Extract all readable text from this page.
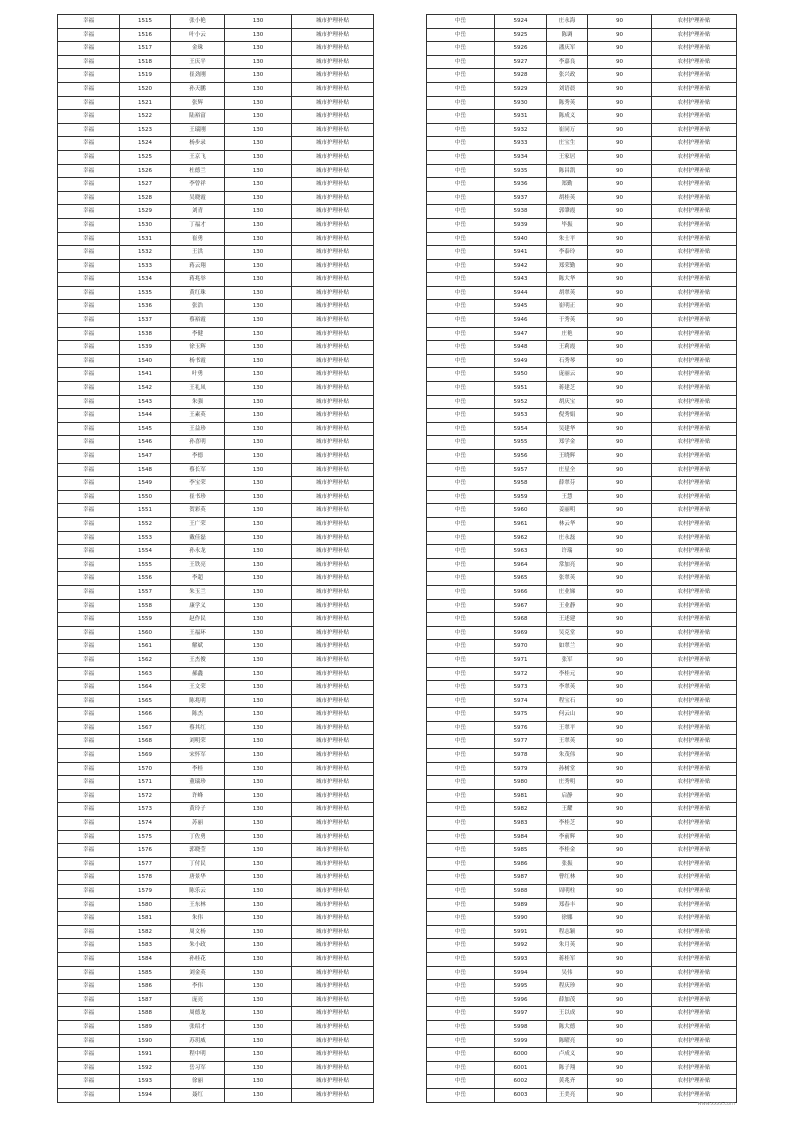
幸福	1515	张小艳	130	城市护理补贴
幸福	1516	叶小云	130	城市护理补贴
幸福	1517	金珠	130	城市护理补贴
幸福	1518	王庆平	130	城市护理补贴
幸福	1519	崔劲刚	130	城市护理补贴
幸福	1520	孙天鹏	130	城市护理补贴
幸福	1521	张辉	130	城市护理补贴
幸福	1522	陆裕富	130	城市护理补贴
幸福	1523	王瑞刚	130	城市护理补贴
幸福	1524	杨步录	130	城市护理补贴
幸福	1525	王京飞	130	城市护理补贴
幸福	1526	杜德兰	130	城市护理补贴
幸福	1527	李曾祥	130	城市护理补贴
幸福	1528	吴晓霞	130	城市护理补贴
幸福	1529	刘青	130	城市护理补贴
幸福	1530	丁福才	130	城市护理补贴
幸福	1531	崔勇	130	城市护理补贴
幸福	1532	王洪	130	城市护理补贴
幸福	1533	蒋云翔	130	城市护理补贴
幸福	1534	蒋兆举	130	城市护理补贴
幸福	1535	黄红珠	130	城市护理补贴
幸福	1536	张浩	130	城市护理补贴
幸福	1537	蔡裕霞	130	城市护理补贴
幸福	1538	李健	130	城市护理补贴
幸福	1539	徐玉辉	130	城市护理补贴
幸福	1540	杨书霞	130	城市护理补贴
幸福	1541	叶勇	130	城市护理补贴
幸福	1542	王礼凤	130	城市护理补贴
幸福	1543	朱强	130	城市护理补贴
幸福	1544	王素英	130	城市护理补贴
幸福	1545	王益珍	130	城市护理补贴
幸福	1546	孙喜明	130	城市护理补贴
幸福	1547	李德	130	城市护理补贴
幸福	1548	蔡长军	130	城市护理补贴
幸福	1549	李宝荣	130	城市护理补贴
幸福	1550	崔书珍	130	城市护理补贴
幸福	1551	贺彩英	130	城市护理补贴
幸福	1552	王广荣	130	城市护理补贴
幸福	1553	戴佳磊	130	城市护理补贴
幸福	1554	孙永龙	130	城市护理补贴
幸福	1555	王铁亮	130	城市护理补贴
幸福	1556	李超	130	城市护理补贴
幸福	1557	朱玉兰	130	城市护理补贴
幸福	1558	康学义	130	城市护理补贴
幸福	1559	赵作民	130	城市护理补贴
幸福	1560	王福环	130	城市护理补贴
幸福	1561	解斌	130	城市护理补贴
幸福	1562	王杰俊	130	城市护理补贴
幸福	1563	郝鑫	130	城市护理补贴
幸福	1564	王文荣	130	城市护理补贴
幸福	1565	陈兆明	130	城市护理补贴
幸福	1566	陈杰	130	城市护理补贴
幸福	1567	蔡其红	130	城市护理补贴
幸福	1568	刘明荣	130	城市护理补贴
幸福	1569	宋怀军	130	城市护理补贴
幸福	1570	李桂	130	城市护理补贴
幸福	1571	董瑞珍	130	城市护理补贴
幸福	1572	许峰	130	城市护理补贴
幸福	1573	黄玲子	130	城市护理补贴
幸福	1574	苏丽	130	城市护理补贴
幸福	1575	丁佐勇	130	城市护理补贴
幸福	1576	郭晓莹	130	城市护理补贴
幸福	1577	丁付民	130	城市护理补贴
幸福	1578	唐景华	130	城市护理补贴
幸福	1579	陈乐云	130	城市护理补贴
幸福	1580	王东林	130	城市护理补贴
幸福	1581	朱伟	130	城市护理补贴
幸福	1582	周文杨	130	城市护理补贴
幸福	1583	朱小政	130	城市护理补贴
幸福	1584	孙桂花	130	城市护理补贴
幸福	1585	刘金英	130	城市护理补贴
幸福	1586	李伟	130	城市护理补贴
幸福	1587	庞亮	130	城市护理补贴
幸福	1588	周德龙	130	城市护理补贴
幸福	1589	张绍才	130	城市护理补贴
幸福	1590	苏玥威	130	城市护理补贴
幸福	1591	程中明	130	城市护理补贴
幸福	1592	岳习军	130	城市护理补贴
幸福	1593	徐丽	130	城市护理补贴
幸福	1594	聂红	130	城市护理补贴
中岳	5924	庄永海	90	农村护理补贴
中岳	5925	陈调	90	农村护理补贴
中岳	5926	潘庆军	90	农村护理补贴
中岳	5927	李嘉良	90	农村护理补贴
中岳	5928	张兴政	90	农村护理补贴
中岳	5929	刘语晨	90	农村护理补贴
中岳	5930	陈秀英	90	农村护理补贴
中岳	5931	陈成义	90	农村护理补贴
中岳	5932	崔同万	90	农村护理补贴
中岳	5933	庄宝生	90	农村护理补贴
中岳	5934	王家居	90	农村护理补贴
中岳	5935	陈昌凯	90	农村护理补贴
中岳	5936	郑勤	90	农村护理补贴
中岳	5937	胡桂英	90	农村护理补贴
中岳	5938	郭肇霞	90	农村护理补贴
中岳	5939	毕振	90	农村护理补贴
中岳	5940	朱士平	90	农村护理补贴
中岳	5941	李泰玲	90	农村护理补贴
中岳	5942	郑荣勤	90	农村护理补贴
中岳	5943	陈大华	90	农村护理补贴
中岳	5944	胡翠英	90	农村护理补贴
中岳	5945	崔明正	90	农村护理补贴
中岳	5946	于秀英	90	农村护理补贴
中岳	5947	庄艳	90	农村护理补贴
中岳	5948	王莉霞	90	农村护理补贴
中岳	5949	石秀琴	90	农村护理补贴
中岳	5950	庞丽云	90	农村护理补贴
中岳	5951	蒋建芝	90	农村护理补贴
中岳	5952	胡庆宝	90	农村护理补贴
中岳	5953	倪秀娟	90	农村护理补贴
中岳	5954	吴建华	90	农村护理补贴
中岳	5955	郑学金	90	农村护理补贴
中岳	5956	王晓辉	90	农村护理补贴
中岳	5957	庄星全	90	农村护理补贴
中岳	5958	薛翠芬	90	农村护理补贴
中岳	5959	王慧	90	农村护理补贴
中岳	5960	姜丽明	90	农村护理补贴
中岳	5961	林云华	90	农村护理补贴
中岳	5962	庄永磊	90	农村护理补贴
中岳	5963	许瑞	90	农村护理补贴
中岳	5964	常加亮	90	农村护理补贴
中岳	5965	张翠英	90	农村护理补贴
中岳	5966	庄业娣	90	农村护理补贴
中岳	5967	王业静	90	农村护理补贴
中岳	5968	王述建	90	农村护理补贴
中岳	5969	吴克堂	90	农村护理补贴
中岳	5970	如翠兰	90	农村护理补贴
中岳	5971	张军	90	农村护理补贴
中岳	5972	李桂元	90	农村护理补贴
中岳	5973	李翠英	90	农村护理补贴
中岳	5974	程宝石	90	农村护理补贴
中岳	5975	何云山	90	农村护理补贴
中岳	5976	王翠平	90	农村护理补贴
中岳	5977	王翠英	90	农村护理补贴
中岳	5978	朱茂伟	90	农村护理补贴
中岳	5979	孙树堂	90	农村护理补贴
中岳	5980	庄秀明	90	农村护理补贴
中岳	5981	启静	90	农村护理补贴
中岳	5982	王耀	90	农村护理补贴
中岳	5983	李桂芝	90	农村护理补贴
中岳	5984	李前辉	90	农村护理补贴
中岳	5985	李桂金	90	农村护理补贴
中岳	5986	张振	90	农村护理补贴
中岳	5987	曹红林	90	农村护理补贴
中岳	5988	周明柱	90	农村护理补贴
中岳	5989	郑春丰	90	农村护理补贴
中岳	5990	徐娜	90	农村护理补贴
中岳	5991	程志颖	90	农村护理补贴
中岳	5992	朱月英	90	农村护理补贴
中岳	5993	蒋桂军	90	农村护理补贴
中岳	5994	吴伟	90	农村护理补贴
中岳	5995	程庆珍	90	农村护理补贴
中岳	5996	薛加茂	90	农村护理补贴
中岳	5997	王以成	90	农村护理补贴
中岳	5998	陈大德	90	农村护理补贴
中岳	5999	陈曜亮	90	农村护理补贴
中岳	6000	卢成义	90	农村护理补贴
中岳	6001	陈子翔	90	农村护理补贴
中岳	6002	黄兆齐	90	农村护理补贴
中岳	6003	王美亮	90	农村护理补贴
www.xxxx.com
